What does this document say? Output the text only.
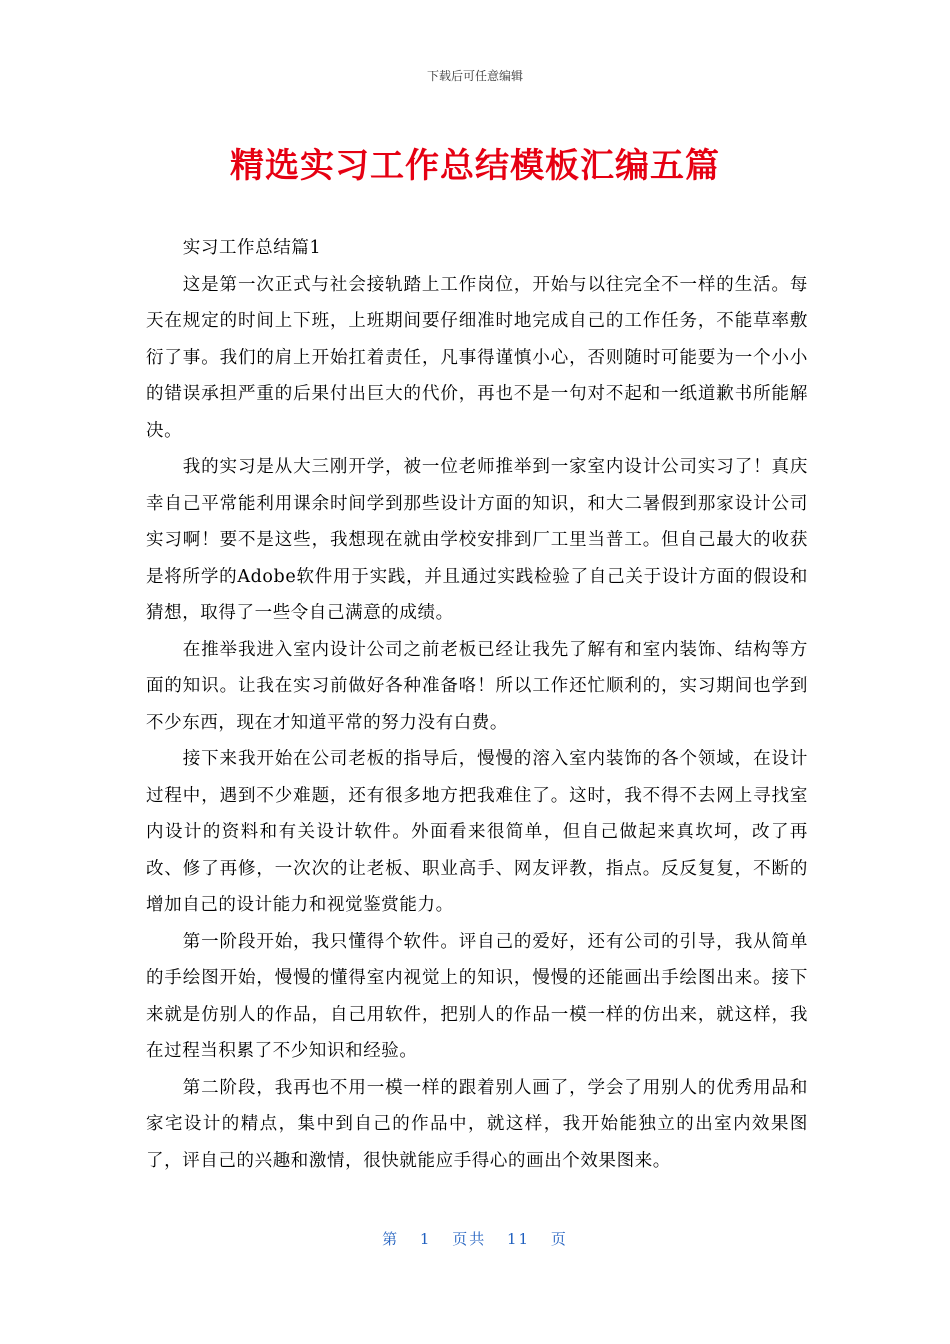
下载后可任意编辑
精选实习工作总结模板汇编五篇

实习工作总结篇1

这是第一次正式与社会接轨踏上工作岗位，开始与以往完全不一样的生活。每天在规定的时间上下班，上班期间要仔细准时地完成自己的工作任务，不能草率敷衍了事。我们的肩上开始扛着责任，凡事得谨慎小心，否则随时可能要为一个小小的错误承担严重的后果付出巨大的代价，再也不是一句对不起和一纸道歉书所能解决。

我的实习是从大三刚开学，被一位老师推举到一家室内设计公司实习了！真庆幸自己平常能利用课余时间学到那些设计方面的知识，和大二暑假到那家设计公司实习啊！要不是这些，我想现在就由学校安排到厂工里当普工。但自己最大的收获是将所学的Adobe软件用于实践，并且通过实践检验了自己关于设计方面的假设和猜想，取得了一些令自己满意的成绩。

在推举我进入室内设计公司之前老板已经让我先了解有和室内装饰、结构等方面的知识。让我在实习前做好各种准备咯！所以工作还忙顺利的，实习期间也学到不少东西，现在才知道平常的努力没有白费。

接下来我开始在公司老板的指导后，慢慢的溶入室内装饰的各个领域，在设计过程中，遇到不少难题，还有很多地方把我难住了。这时，我不得不去网上寻找室内设计的资料和有关设计软件。外面看来很简单，但自己做起来真坎坷，改了再改、修了再修，一次次的让老板、职业高手、网友评教，指点。反反复复，不断的增加自己的设计能力和视觉鉴赏能力。

第一阶段开始，我只懂得个软件。评自己的爱好，还有公司的引导，我从简单的手绘图开始，慢慢的懂得室内视觉上的知识，慢慢的还能画出手绘图出来。接下来就是仿别人的作品，自己用软件，把别人的作品一模一样的仿出来，就这样，我在过程当积累了不少知识和经验。

第二阶段，我再也不用一模一样的跟着别人画了，学会了用别人的优秀用品和家宅设计的精点，集中到自己的作品中，就这样，我开始能独立的出室内效果图了，评自己的兴趣和激情，很快就能应手得心的画出个效果图来。

第 1 页共 11 页
